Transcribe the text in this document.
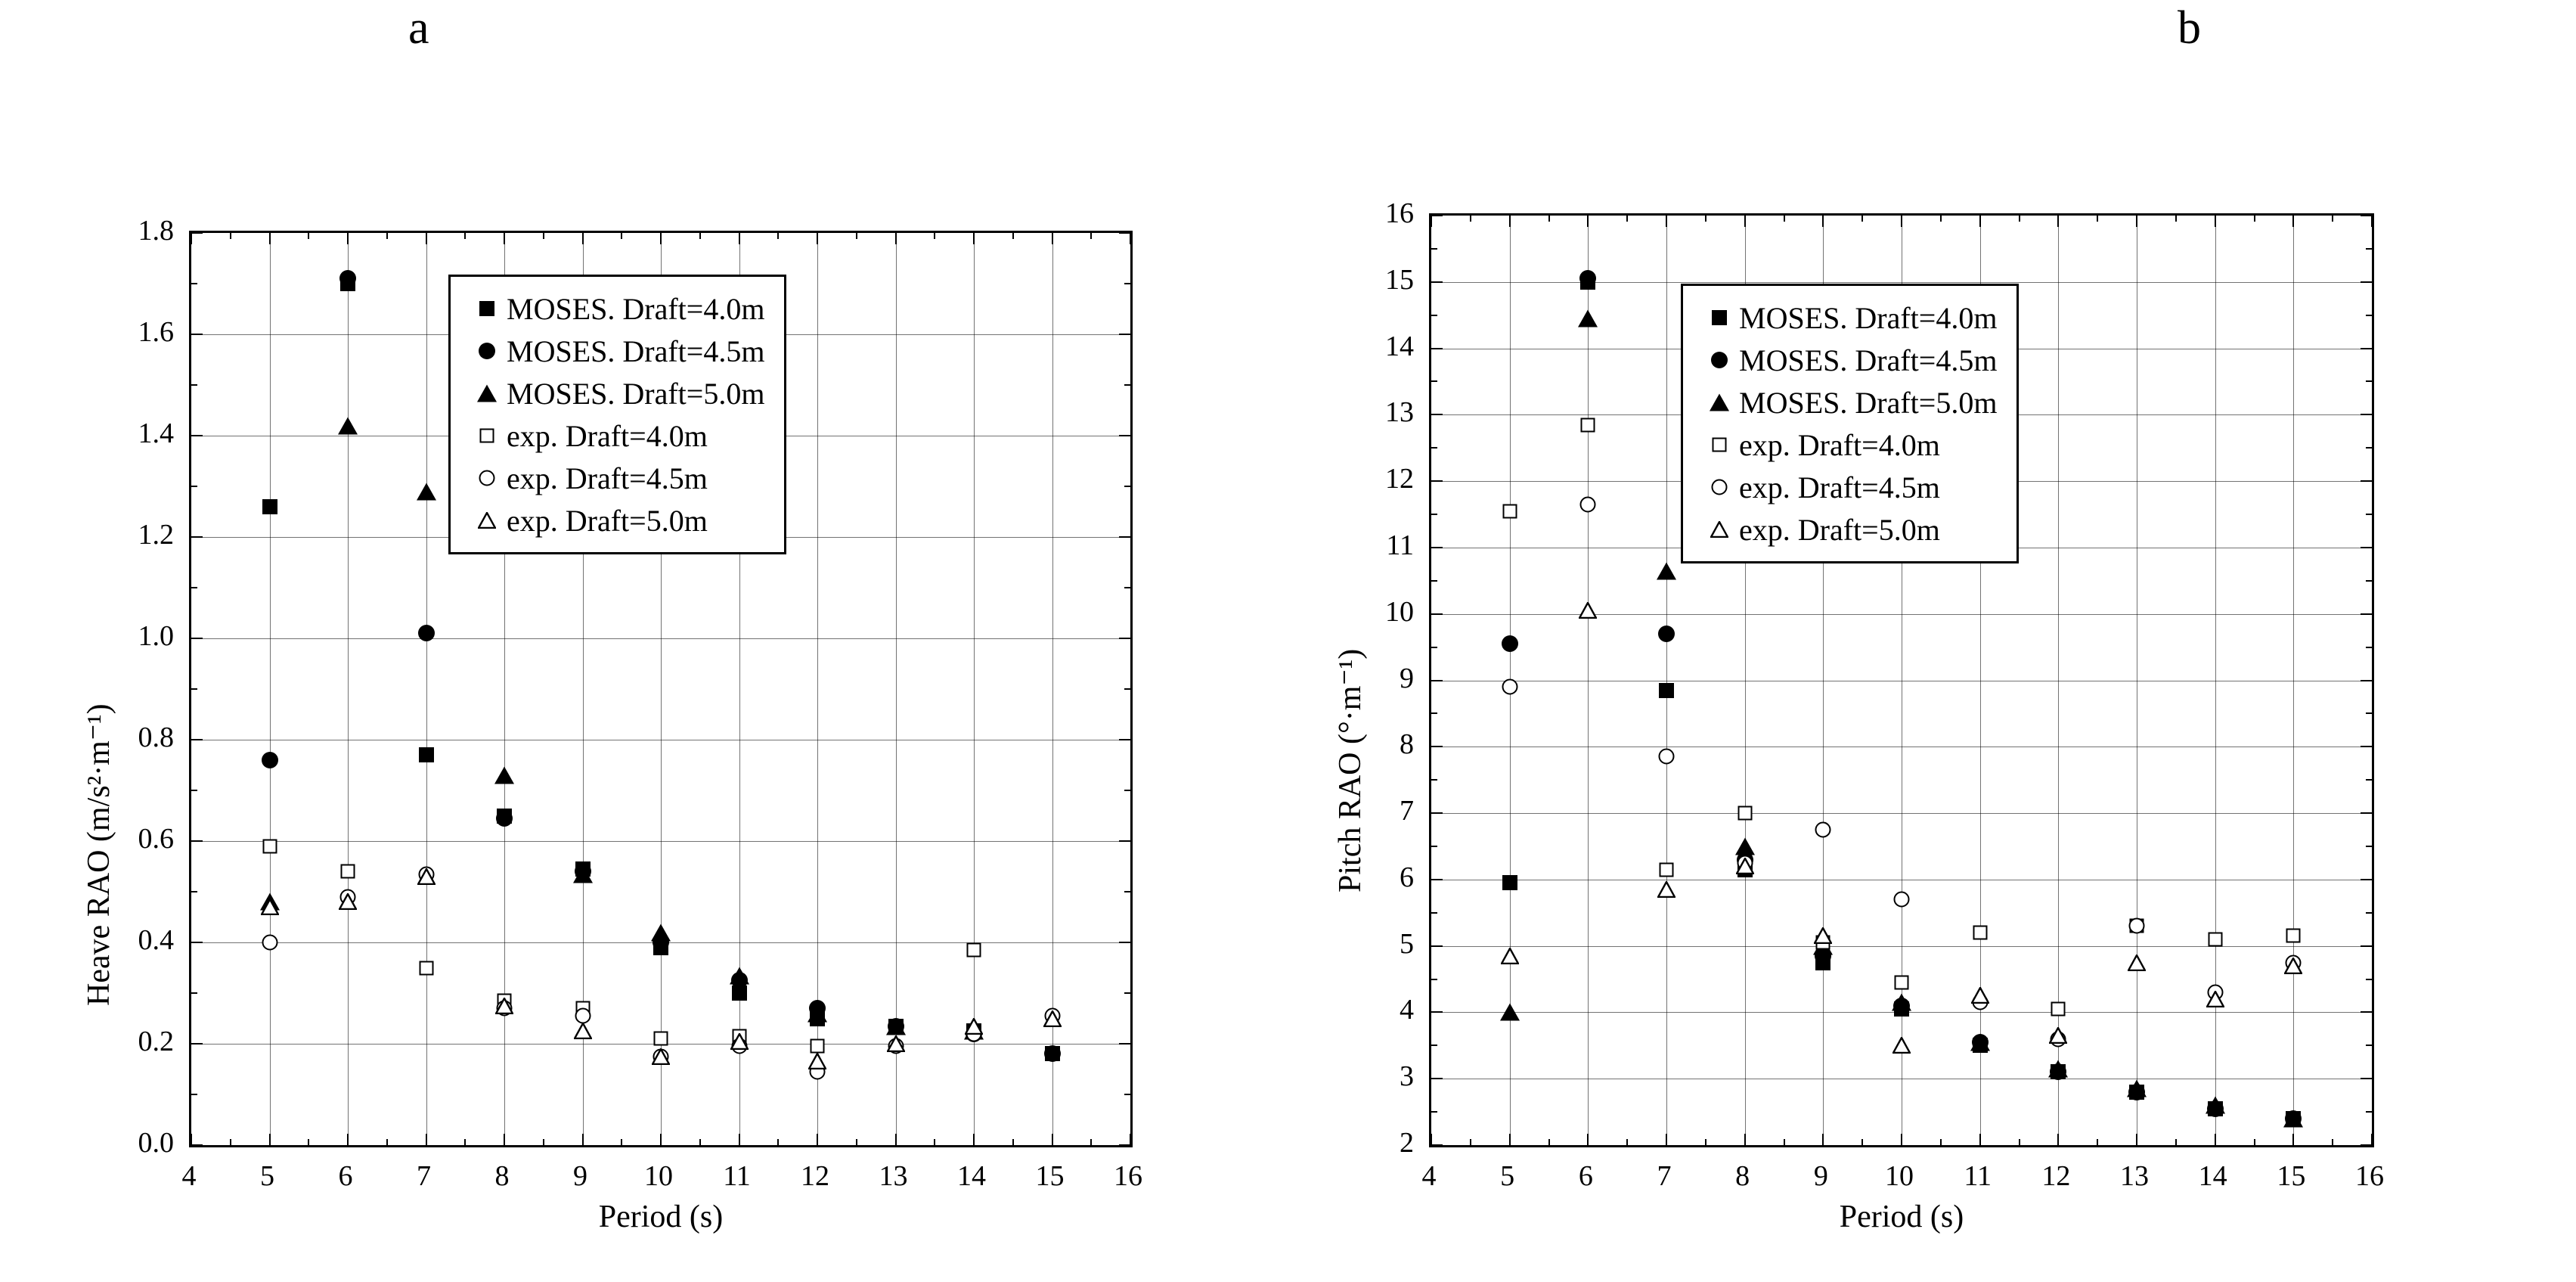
a
MOSES. Draft=4.0m
MOSES. Draft=4.5m
MOSES. Draft=5.0m
exp. Draft=4.0m
exp. Draft=4.5m
exp. Draft=5.0m
4 5 6 7 8 9 10 11 12 13 14 15 16
0.0
0.2
0.4
0.6
0.8
1.0
1.2
1.4
1.6
1.8
Period (s)
Heave RAO (m/s²·m⁻¹)
b
MOSES. Draft=4.0m
MOSES. Draft=4.5m
MOSES. Draft=5.0m
exp. Draft=4.0m
exp. Draft=4.5m
exp. Draft=5.0m
4 5 6 7 8 9 10 11 12 13 14 15 16
2
3
4
5
6
7
8
9
10
11
12
13
14
15
16
Period (s)
Pitch RAO (°·m⁻¹)
